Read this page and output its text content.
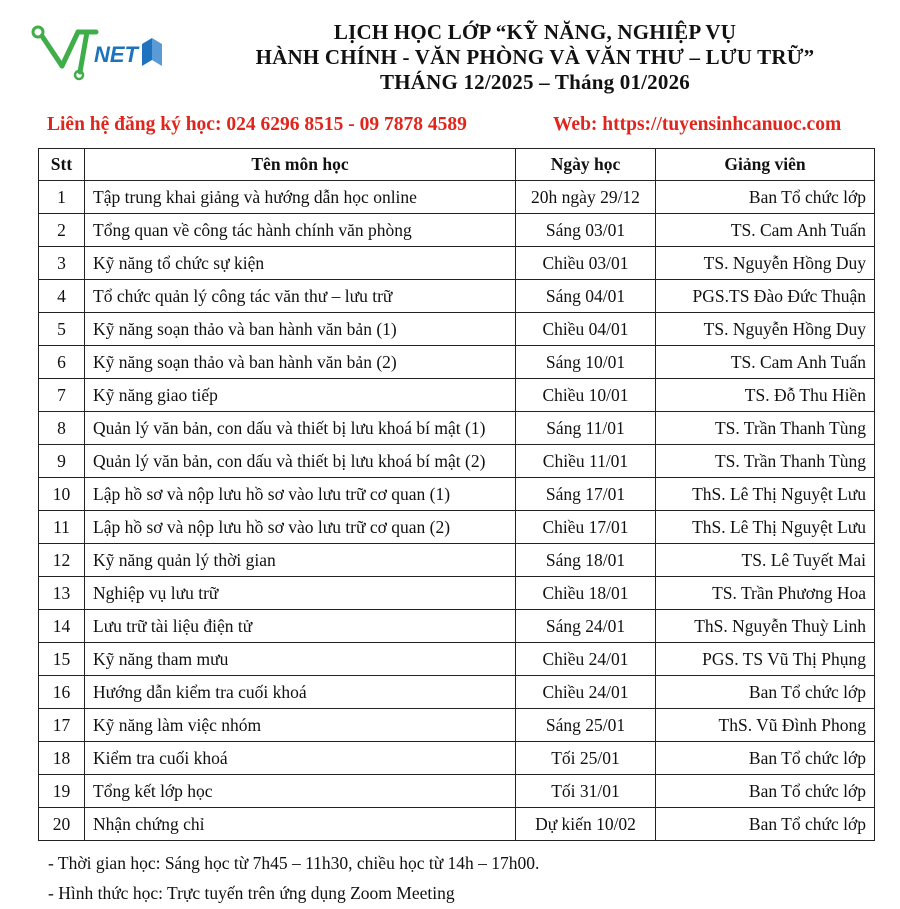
NET
LỊCH HỌC LỚP “KỸ NĂNG, NGHIỆP VỤ
HÀNH CHÍNH - VĂN PHÒNG VÀ VĂN THƯ – LƯU TRỮ”
THÁNG 12/2025 – Tháng 01/2026
Liên hệ đăng ký học: 024 6296 8515 - 09 7878 4589	Web: https://tuyensinhcanuoc.com
Stt	Tên môn học	Ngày học	Giảng viên
1	Tập trung khai giảng và hướng dẫn học online	20h ngày 29/12	Ban Tổ chức lớp
2	Tổng quan về công tác hành chính văn phòng	Sáng 03/01	TS. Cam Anh Tuấn
3	Kỹ năng tổ chức sự kiện	Chiều 03/01	TS. Nguyễn Hồng Duy
4	Tổ chức quản lý công tác văn thư – lưu trữ	Sáng 04/01	PGS.TS Đào Đức Thuận
5	Kỹ năng soạn thảo và ban hành văn bản (1)	Chiều 04/01	TS. Nguyễn Hồng Duy
6	Kỹ năng soạn thảo và ban hành văn bản (2)	Sáng 10/01	TS. Cam Anh Tuấn
7	Kỹ năng giao tiếp	Chiều 10/01	TS. Đỗ Thu Hiền
8	Quản lý văn bản, con dấu và thiết bị lưu khoá bí mật (1)	Sáng 11/01	TS. Trần Thanh Tùng
9	Quản lý văn bản, con dấu và thiết bị lưu khoá bí mật (2)	Chiều 11/01	TS. Trần Thanh Tùng
10	Lập hồ sơ và nộp lưu hồ sơ vào lưu trữ cơ quan (1)	Sáng 17/01	ThS. Lê Thị Nguyệt Lưu
11	Lập hồ sơ và nộp lưu hồ sơ vào lưu trữ cơ quan (2)	Chiều 17/01	ThS. Lê Thị Nguyệt Lưu
12	Kỹ năng quản lý thời gian	Sáng 18/01	TS. Lê Tuyết Mai
13	Nghiệp vụ lưu trữ	Chiều 18/01	TS. Trần Phương Hoa
14	Lưu trữ tài liệu điện tử	Sáng 24/01	ThS. Nguyễn Thuỳ Linh
15	Kỹ năng tham mưu	Chiều 24/01	PGS. TS Vũ Thị Phụng
16	Hướng dẫn kiểm tra cuối khoá	Chiều 24/01	Ban Tổ chức lớp
17	Kỹ năng làm việc nhóm	Sáng 25/01	ThS. Vũ Đình Phong
18	Kiểm tra cuối khoá	Tối 25/01	Ban Tổ chức lớp
19	Tổng kết lớp học	Tối 31/01	Ban Tổ chức lớp
20	Nhận chứng chỉ	Dự kiến 10/02	Ban Tổ chức lớp
- Thời gian học: Sáng học từ 7h45 – 11h30, chiều học từ 14h – 17h00.
- Hình thức học: Trực tuyến trên ứng dụng Zoom Meeting
